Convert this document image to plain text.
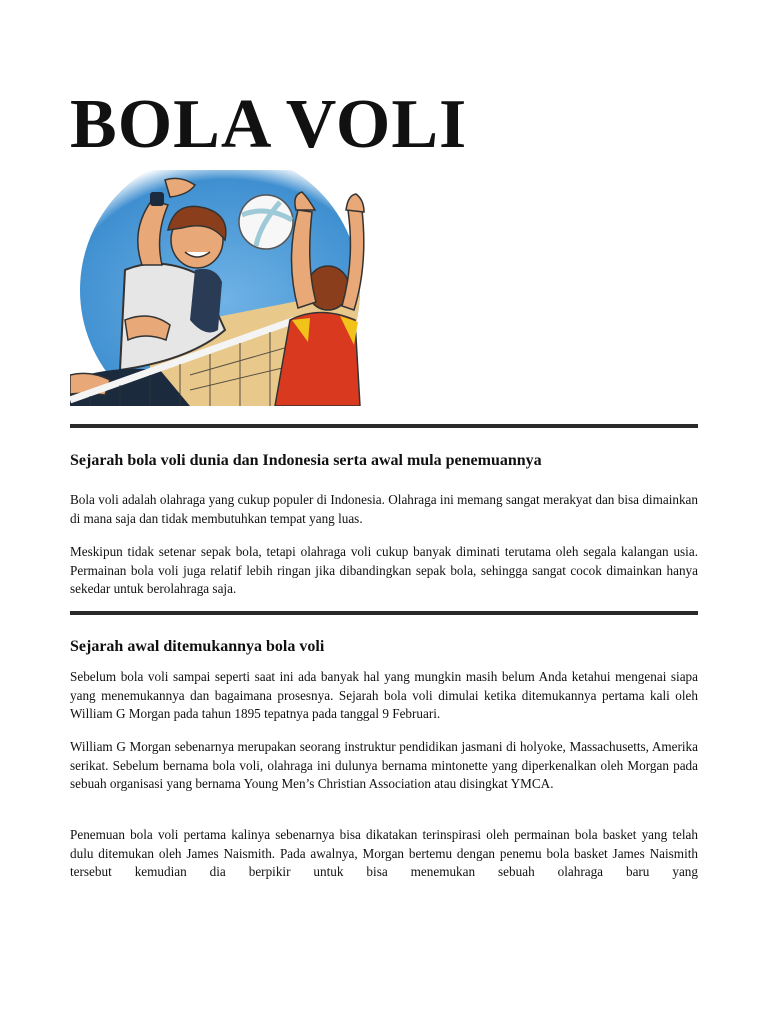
BOLA VOLI
Sejarah bola voli dunia dan Indonesia serta awal mula penemuannya

Bola voli adalah olahraga yang cukup populer di Indonesia. Olahraga ini memang sangat merakyat dan bisa dimainkan di mana saja dan tidak membutuhkan tempat yang luas.

Meskipun tidak setenar sepak bola, tetapi olahraga voli cukup banyak diminati terutama oleh segala kalangan usia. Permainan bola voli juga relatif lebih ringan jika dibandingkan sepak bola, sehingga sangat cocok dimainkan hanya sekedar untuk berolahraga saja.

Sejarah awal ditemukannya bola voli

Sebelum bola voli sampai seperti saat ini ada banyak hal yang mungkin masih belum Anda ketahui mengenai siapa yang menemukannya dan bagaimana prosesnya. Sejarah bola voli dimulai ketika ditemukannya pertama kali oleh William G Morgan pada tahun 1895 tepatnya pada tanggal 9 Februari.

William G Morgan sebenarnya merupakan seorang instruktur pendidikan jasmani di holyoke, Massachusetts, Amerika serikat. Sebelum bernama bola voli, olahraga ini dulunya bernama mintonette yang diperkenalkan oleh Morgan pada sebuah organisasi yang bernama Young Men’s Christian Association atau disingkat YMCA.

Penemuan bola voli pertama kalinya sebenarnya bisa dikatakan terinspirasi oleh permainan bola basket yang telah dulu ditemukan oleh James Naismith. Pada awalnya, Morgan bertemu dengan penemu bola basket James Naismith tersebut kemudian dia berpikir untuk bisa menemukan sebuah olahraga baru yang
